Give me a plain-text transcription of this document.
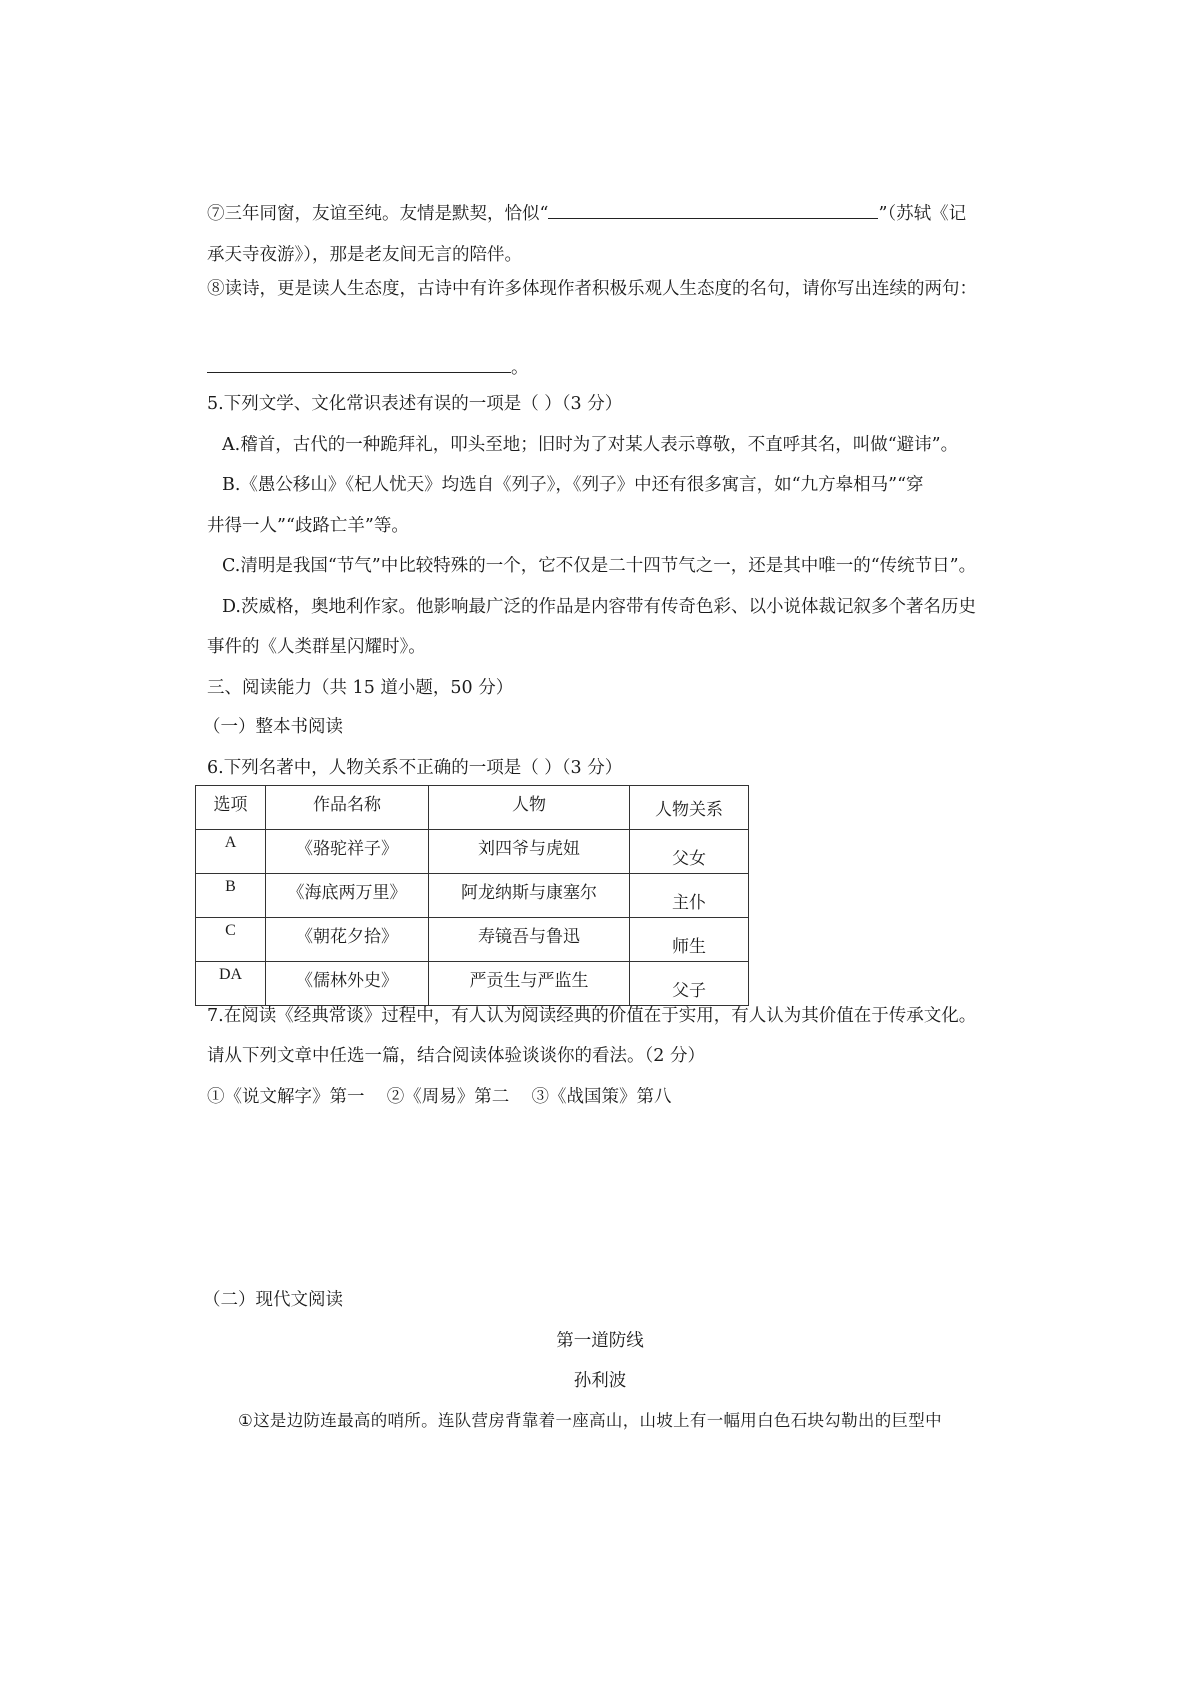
⑦三年同窗，友谊至纯。友情是默契，恰似“	”（苏轼《记
承天寺夜游》），那是老友间无言的陪伴。
⑧读诗，更是读人生态度，古诗中有许多体现作者积极乐观人生态度的名句，请你写出连续的两句：
。
5.下列文学、文化常识表述有误的一项是（ ）（3 分）
A.稽首，古代的一种跪拜礼，叩头至地；旧时为了对某人表示尊敬，不直呼其名，叫做“避讳”。
B.《愚公移山》《杞人忧天》均选自《列子》，《列子》中还有很多寓言，如“九方皋相马”“穿
井得一人”“歧路亡羊”等。
C.清明是我国“节气”中比较特殊的一个，它不仅是二十四节气之一，还是其中唯一的“传统节日”。
D.茨威格，奥地利作家。他影响最广泛的作品是内容带有传奇色彩、以小说体裁记叙多个著名历史
事件的《人类群星闪耀时》。
三、阅读能力（共 15 道小题，50 分）
（一）整本书阅读
6.下列名著中，人物关系不正确的一项是（ ）（3 分）
选项	作品名称	人物	人物关系
A	《骆驼祥子》	刘四爷与虎妞	父女
B	《海底两万里》	阿龙纳斯与康塞尔	主仆
C	《朝花夕拾》	寿镜吾与鲁迅	师生
DA	《儒林外史》	严贡生与严监生	父子
7.在阅读《经典常谈》过程中，有人认为阅读经典的价值在于实用，有人认为其价值在于传承文化。
请从下列文章中任选一篇，结合阅读体验谈谈你的看法。（2 分）
①《说文解字》第一    ②《周易》第二    ③《战国策》第八
（二）现代文阅读
第一道防线
孙利波
①这是边防连最高的哨所。连队营房背靠着一座高山，山坡上有一幅用白色石块勾勒出的巨型中
